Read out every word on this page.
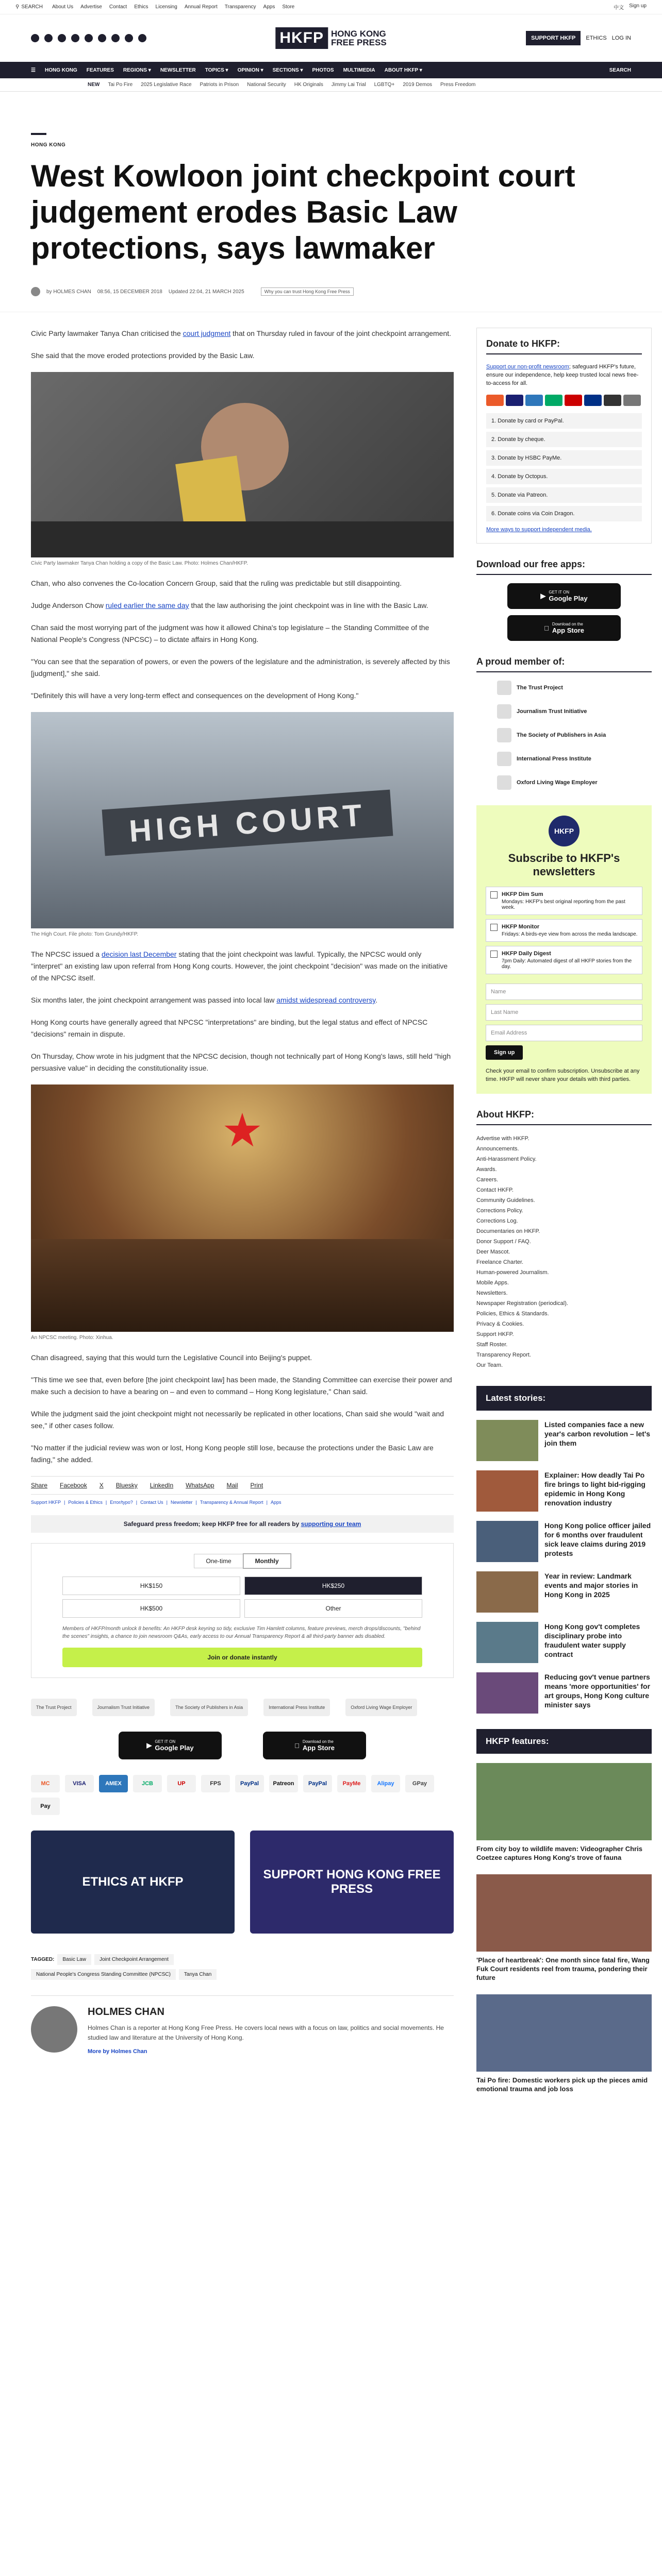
⚲ SEARCH About Us Advertise Contact Ethics Licensing Annual Report Transparency Apps Store	中文 Sign up
HKFP HONG KONG
FREE PRESS	SUPPORT HKFP	ETHICS LOG IN
☰ HONG KONG FEATURES REGIONS ▾ NEWSLETTER TOPICS ▾ OPINION ▾ SECTIONS ▾ PHOTOS MULTIMEDIA ABOUT HKFP ▾	SEARCH
NEW Tai Po Fire 2025 Legislative Race Patriots in Prison National Security HK Originals Jimmy Lai Trial LGBTQ+ 2019 Demos Press Freedom
HONG KONG
West Kowloon joint checkpoint court judgement erodes Basic Law protections, says lawmaker
by HOLMES CHAN 08:56, 15 DECEMBER 2018 Updated 22:04, 21 MARCH 2025	Why you can trust Hong Kong Free Press

Civic Party lawmaker Tanya Chan criticised the court judgment that on Thursday ruled in favour of the joint checkpoint arrangement.

She said that the move eroded protections provided by the Basic Law.

Civic Party lawmaker Tanya Chan holding a copy of the Basic Law. Photo: Holmes Chan/HKFP.

Chan, who also convenes the Co-location Concern Group, said that the ruling was predictable but still disappointing.

Judge Anderson Chow ruled earlier the same day that the law authorising the joint checkpoint was in line with the Basic Law.

Chan said the most worrying part of the judgment was how it allowed China's top legislature – the Standing Committee of the National People's Congress (NPCSC) – to dictate affairs in Hong Kong.

"You can see that the separation of powers, or even the powers of the legislature and the administration, is severely affected by this [judgment]," she said.

"Definitely this will have a very long-term effect and consequences on the development of Hong Kong."

HIGH COURT
The High Court. File photo: Tom Grundy/HKFP.

The NPCSC issued a decision last December stating that the joint checkpoint was lawful. Typically, the NPCSC would only "interpret" an existing law upon referral from Hong Kong courts. However, the joint checkpoint "decision" was made on the initiative of the NPCSC itself.

Six months later, the joint checkpoint arrangement was passed into local law amidst widespread controversy.

Hong Kong courts have generally agreed that NPCSC "interpretations" are binding, but the legal status and effect of NPCSC "decisions" remain in dispute.

On Thursday, Chow wrote in his judgment that the NPCSC decision, though not technically part of Hong Kong's laws, still held "high persuasive value" in deciding the constitutionality issue.

★
An NPCSC meeting. Photo: Xinhua.

Chan disagreed, saying that this would turn the Legislative Council into Beijing's puppet.

"This time we see that, even before [the joint checkpoint law] has been made, the Standing Committee can exercise their power and make such a decision to have a bearing on – and even to command – Hong Kong legislature," Chan said.

While the judgment said the joint checkpoint might not necessarily be replicated in other locations, Chan said she would "wait and see," if other cases follow.

"No matter if the judicial review was won or lost, Hong Kong people still lose, because the protections under the Basic Law are fading," she added.

Share Facebook X Bluesky LinkedIn WhatsApp Mail Print
Support HKFP | Policies & Ethics | Error/typo? | Contact Us | Newsletter | Transparency & Annual Report | Apps
Safeguard press freedom; keep HKFP free for all readers by supporting our team
One-time	Monthly
HK$150	HK$250
HK$500	Other
Members of HKFP/month unlock 8 benefits: An HKFP desk keyring so tidy, exclusive Tim Hamlett columns, feature previews, merch drops/discounts, "behind the scenes" insights, a chance to join newsroom Q&As, early access to our Annual Transparency Report & all third-party banner ads disabled.
Join or donate instantly
The Trust Project	Journalism Trust Initiative	The Society of Publishers in Asia	International Press Institute	Oxford Living Wage Employer
▶ GET IT ON
Google Play
Download on the
App Store
MC	VISA	AMEX	JCB	UP	FPS	PayPal	Patreon	PayPal	PayMe	Alipay	GPay
Pay
ETHICS AT HKFP
SUPPORT HONG KONG FREE PRESS
TAGGED:	Basic Law	Joint Checkpoint Arrangement
National People's Congress Standing Committee (NPCSC)	Tanya Chan
HOLMES CHAN

Holmes Chan is a reporter at Hong Kong Free Press. He covers local news with a focus on law, politics and social movements. He studied law and literature at the University of Hong Kong.

More by Holmes Chan
Donate to HKFP:
Support our non-profit newsroom; safeguard HKFP's future, ensure our independence, help keep trusted local news free-to-access for all.
1. Donate by card or PayPal.
2. Donate by cheque.
3. Donate by HSBC PayMe.
4. Donate by Octopus.
5. Donate via Patreon.
6. Donate coins via Coin Dragon.
More ways to support independent media.
Download our free apps:
▶ GET IT ON
Google Play
Download on the
App Store
A proud member of:
The Trust Project
Journalism Trust Initiative
The Society of Publishers in Asia
International Press Institute
Oxford Living Wage Employer
HKFP
Subscribe to HKFP's newsletters
HKFP Dim Sum
Mondays: HKFP's best original reporting from the past week.
HKFP Monitor
Fridays: A birds-eye view from across the media landscape.
HKFP Daily Digest
7pm Daily: Automated digest of all HKFP stories from the day.
Name
Last Name
Email Address
Sign up
Check your email to confirm subscription. Unsubscribe at any time. HKFP will never share your details with third parties.
About HKFP:
Advertise with HKFP.
Announcements.
Anti-Harassment Policy.
Awards.
Careers.
Contact HKFP.
Community Guidelines.
Corrections Policy.
Corrections Log.
Documentaries on HKFP.
Donor Support / FAQ.
Deer Mascot.
Freelance Charter.
Human-powered Journalism.
Mobile Apps.
Newsletters.
Newspaper Registration (periodical).
Policies, Ethics & Standards.
Privacy & Cookies.
Support HKFP.
Staff Roster.
Transparency Report.
Our Team.
Latest stories:
Listed companies face a new year's carbon revolution – let's join them
Explainer: How deadly Tai Po fire brings to light bid-rigging epidemic in Hong Kong renovation industry
Hong Kong police officer jailed for 6 months over fraudulent sick leave claims during 2019 protests
Year in review: Landmark events and major stories in Hong Kong in 2025
Hong Kong gov't completes disciplinary probe into fraudulent water supply contract
Reducing gov't venue partners means 'more opportunities' for art groups, Hong Kong culture minister says
HKFP features:
From city boy to wildlife maven: Videographer Chris Coetzee captures Hong Kong's trove of fauna
'Place of heartbreak': One month since fatal fire, Wang Fuk Court residents reel from trauma, pondering their future
Tai Po fire: Domestic workers pick up the pieces amid emotional trauma and job loss
